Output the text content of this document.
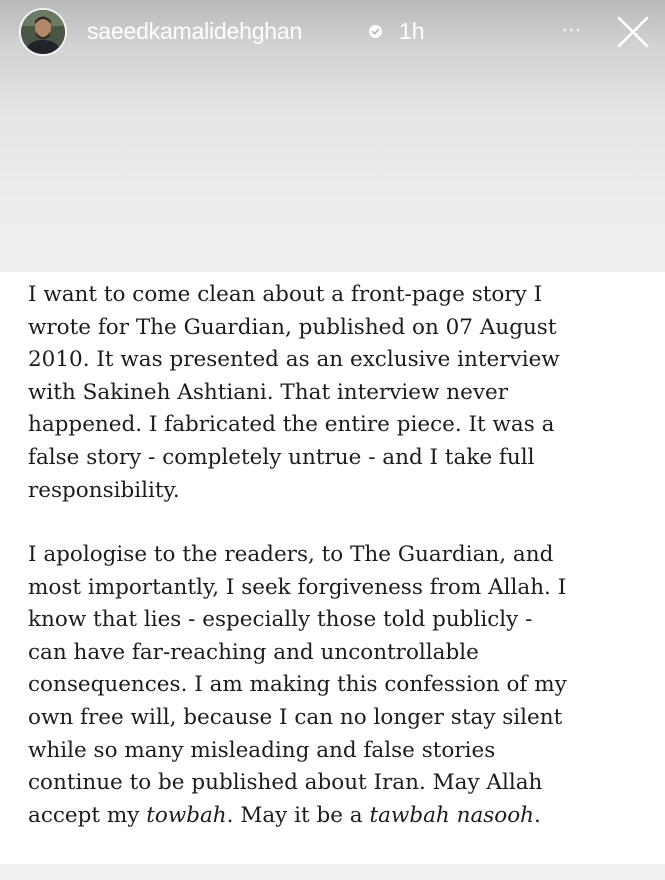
saeedkamalidehghan	1h	···

I want to come clean about a front-page story I
wrote for The Guardian, published on 07 August
2010. It was presented as an exclusive interview
with Sakineh Ashtiani. That interview never
happened. I fabricated the entire piece. It was a
false story - completely untrue - and I take full
responsibility.

I apologise to the readers, to The Guardian, and
most importantly, I seek forgiveness from Allah. I
know that lies - especially those told publicly -
can have far-reaching and uncontrollable
consequences. I am making this confession of my
own free will, because I can no longer stay silent
while so many misleading and false stories
continue to be published about Iran. May Allah
accept my towbah. May it be a tawbah nasooh.
